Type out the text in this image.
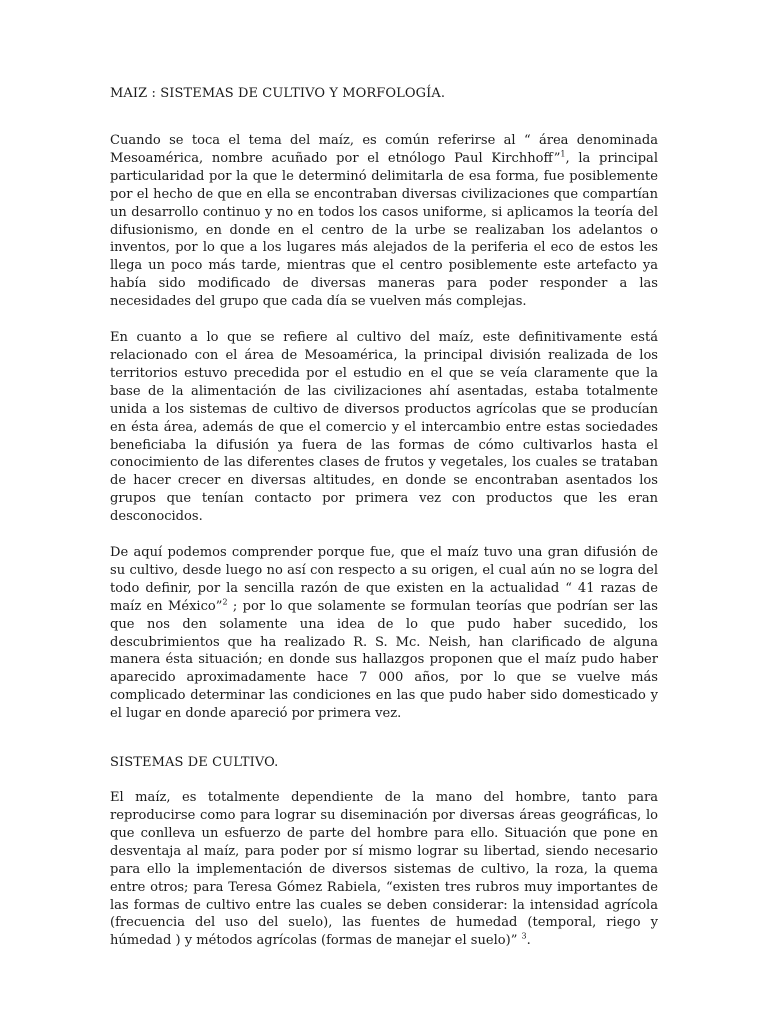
MAIZ : SISTEMAS DE CULTIVO Y MORFOLOGÍA.

Cuando se toca el tema del maíz, es común referirse al “ área denominada Mesoamérica, nombre acuñado por el etnólogo Paul Kirchhoff”$^1$, la principal particularidad por la que le determinó delimitarla de esa forma, fue posiblemente por el hecho de que en ella se encontraban diversas civilizaciones que compartían un desarrollo continuo y no en todos los casos uniforme, si aplicamos la teoría del difusionismo, en donde en el centro de la urbe se realizaban los adelantos o inventos, por lo que a los lugares más alejados de la periferia el eco de estos les llega un poco más tarde, mientras que el centro posiblemente este artefacto ya había sido modificado de diversas maneras para poder responder a las necesidades del grupo que cada día se vuelven más complejas.

En cuanto a lo que se refiere al cultivo del maíz, este definitivamente está relacionado con el área de Mesoamérica, la principal división realizada de los territorios estuvo precedida por el estudio en el que se veía claramente que la base de la alimentación de las civilizaciones ahí asentadas, estaba totalmente unida a los sistemas de cultivo de diversos productos agrícolas que se producían en ésta área, además de que el comercio y el intercambio entre estas sociedades beneficiaba la difusión ya fuera de las formas de cómo cultivarlos hasta el conocimiento de las diferentes clases de frutos y vegetales, los cuales se trataban de hacer crecer en diversas altitudes, en donde se encontraban asentados los grupos que tenían contacto por primera vez con productos que les eran desconocidos.

De aquí podemos comprender porque fue, que el maíz tuvo una gran difusión de su cultivo, desde luego no así con respecto a su origen, el cual aún no se logra del todo definir, por la sencilla razón de que existen en la actualidad “ 41 razas de maíz en México”$^2$ ; por lo que solamente se formulan teorías que podrían ser las que nos den solamente una idea de lo que pudo haber sucedido, los descubrimientos que ha realizado R. S. Mc. Neish, han clarificado de alguna manera ésta situación; en donde sus hallazgos proponen que el maíz pudo haber aparecido aproximadamente hace 7 000 años, por lo que se vuelve más complicado determinar las condiciones en las que pudo haber sido domesticado y el lugar en donde apareció por primera vez.

SISTEMAS DE CULTIVO.

El maíz, es totalmente dependiente de la mano del hombre, tanto para reproducirse como para lograr su diseminación por diversas áreas geográficas, lo que conlleva un esfuerzo de parte del hombre para ello. Situación que pone en desventaja al maíz, para poder por sí mismo lograr su libertad, siendo necesario para ello la implementación de diversos sistemas de cultivo, la roza, la quema entre otros; para Teresa Gómez Rabiela, “existen tres rubros muy importantes de las formas de cultivo entre las cuales se deben considerar: la intensidad agrícola (frecuencia del uso del suelo), las fuentes de humedad (temporal, riego y húmedad ) y métodos agrícolas (formas de manejar el suelo)” $^3$.
